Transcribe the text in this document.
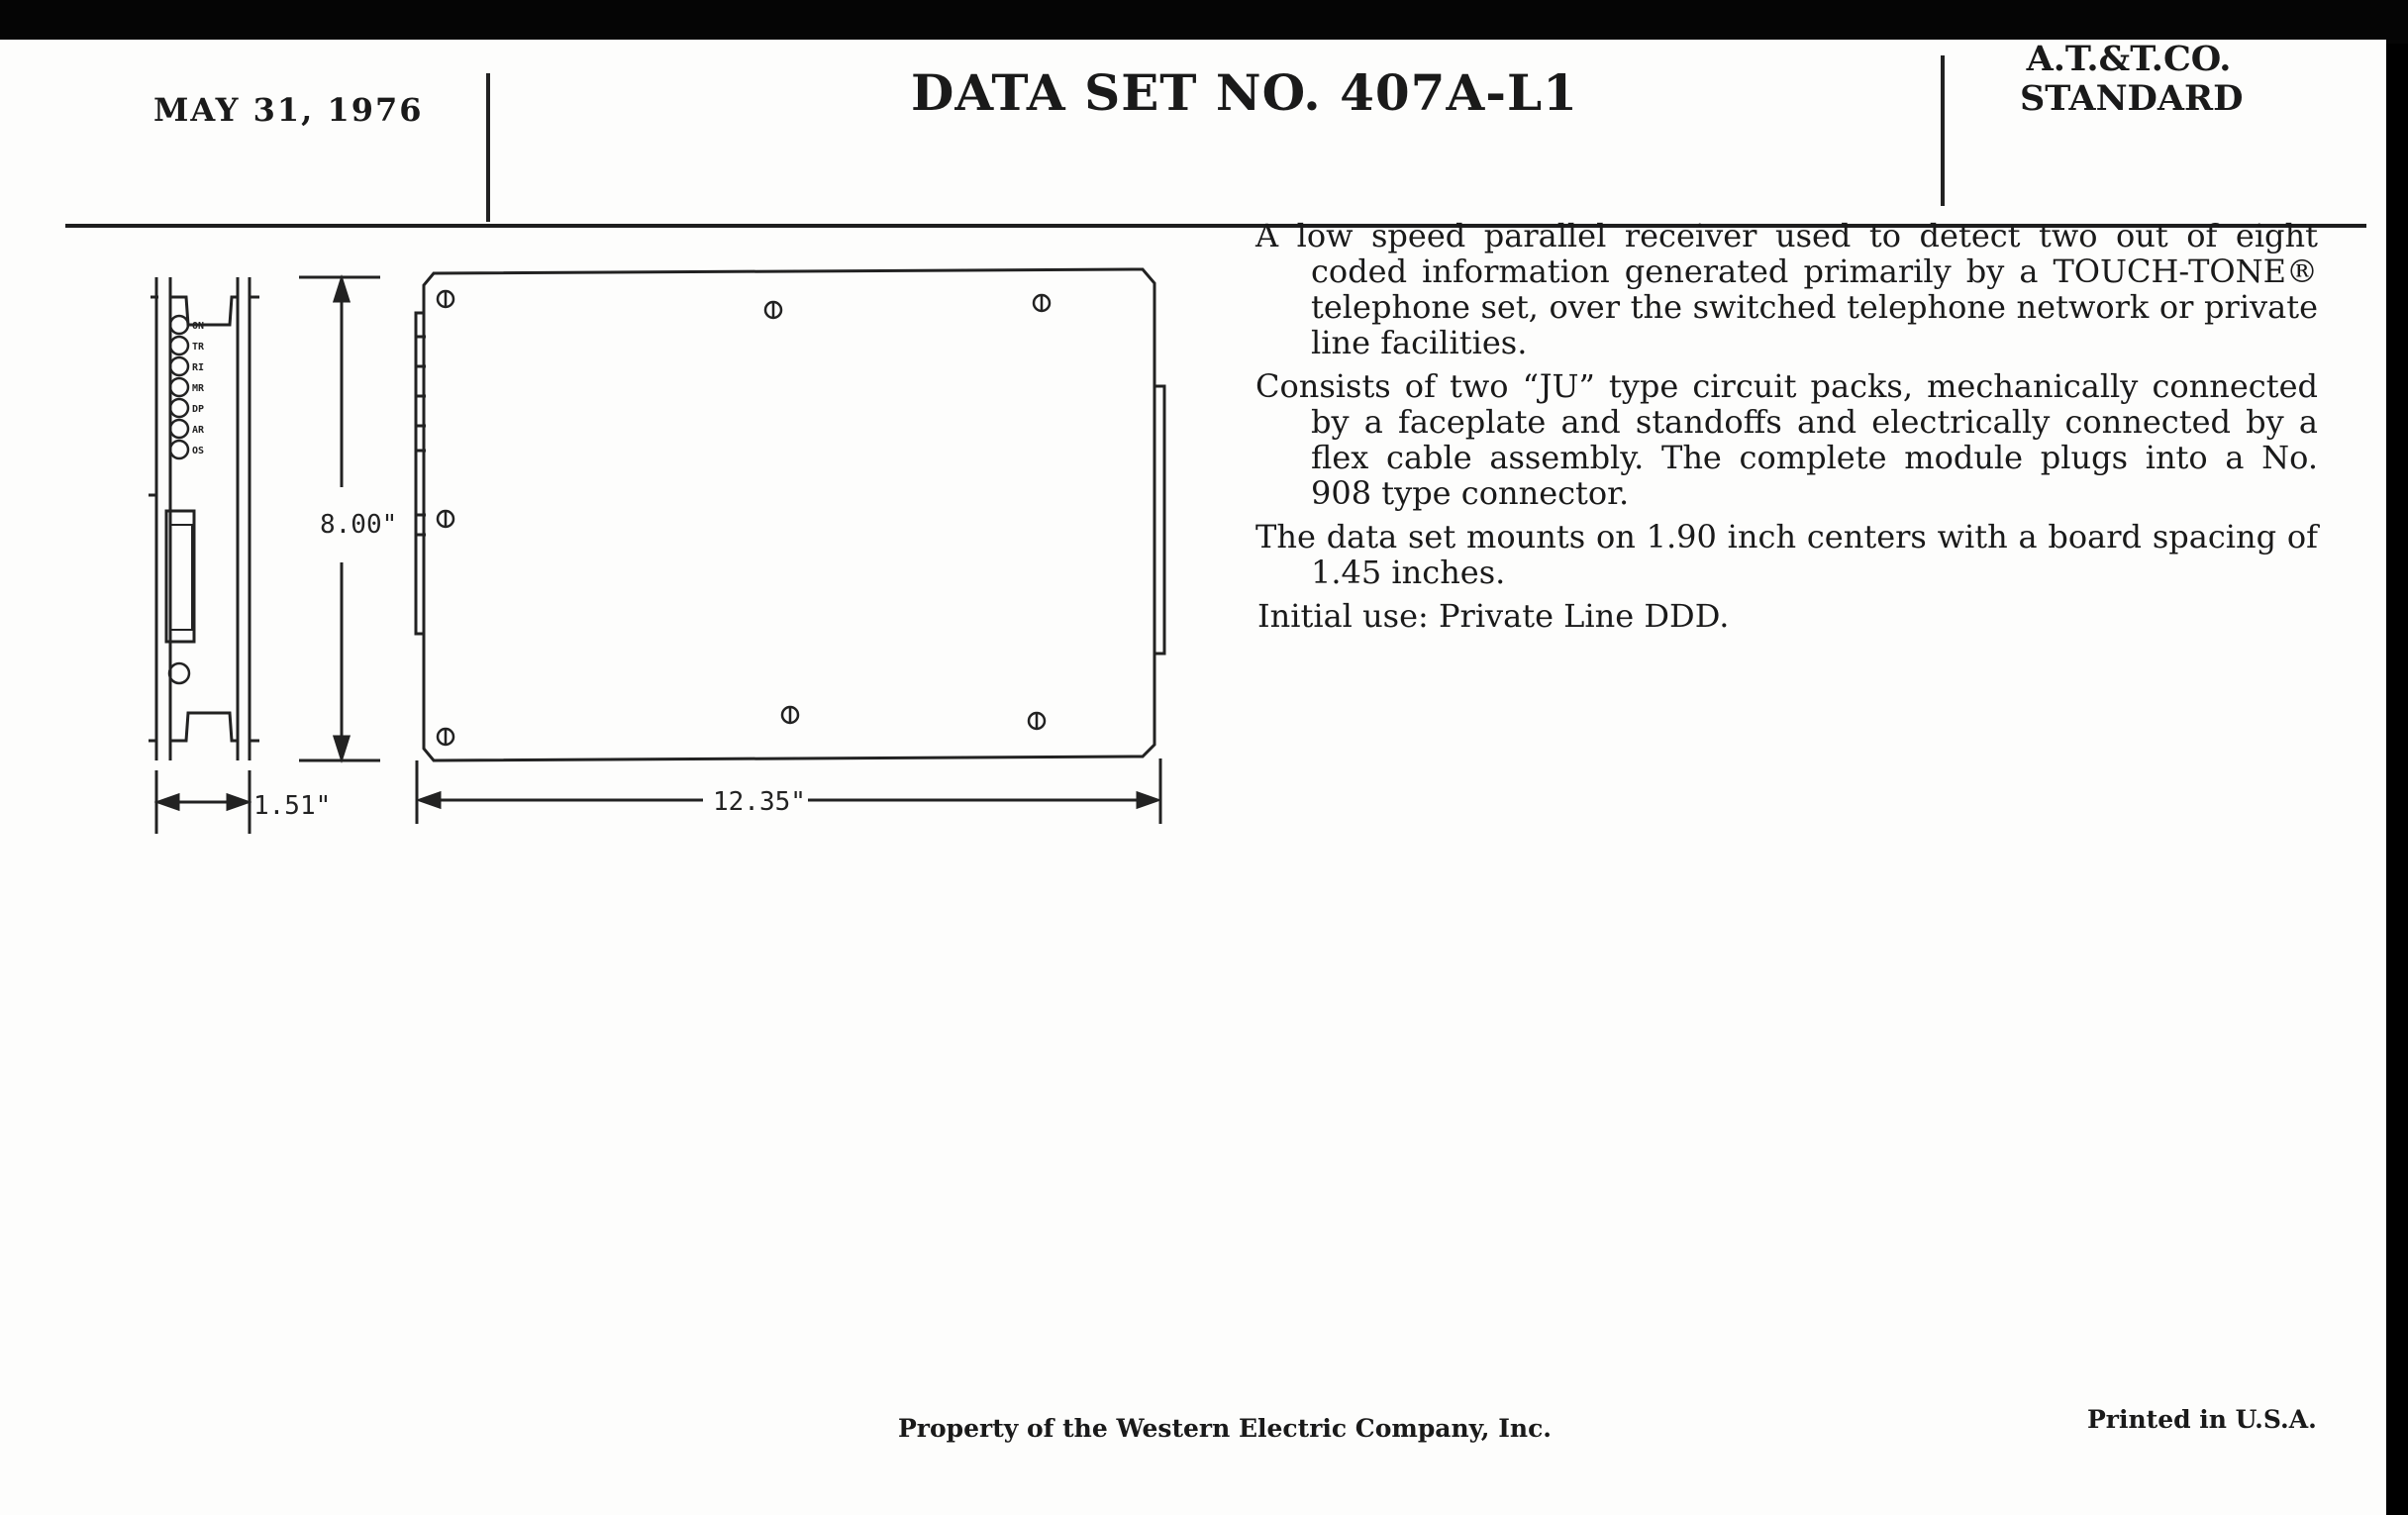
MAY 31, 1976	DATA SET NO. 407A-L1
A.T.&T.CO.
STANDARD
ON
TR
RI
MR
DP
AR
OS
8.00"
1.51"	12.35"

A low speed parallel receiver used to detect two out of eight coded information generated primarily by a TOUCH-TONE® telephone set, over the switched telephone network or private line facilities.

Consists of two “JU” type circuit packs, mechanically connected by a faceplate and standoffs and electrically connected by a flex cable assembly. The complete module plugs into a No. 908 type connector.

The data set mounts on 1.90 inch centers with a board spacing of 1.45 inches.

Initial use: Private Line DDD.

Property of the Western Electric Company, Inc.	Printed in U.S.A.
